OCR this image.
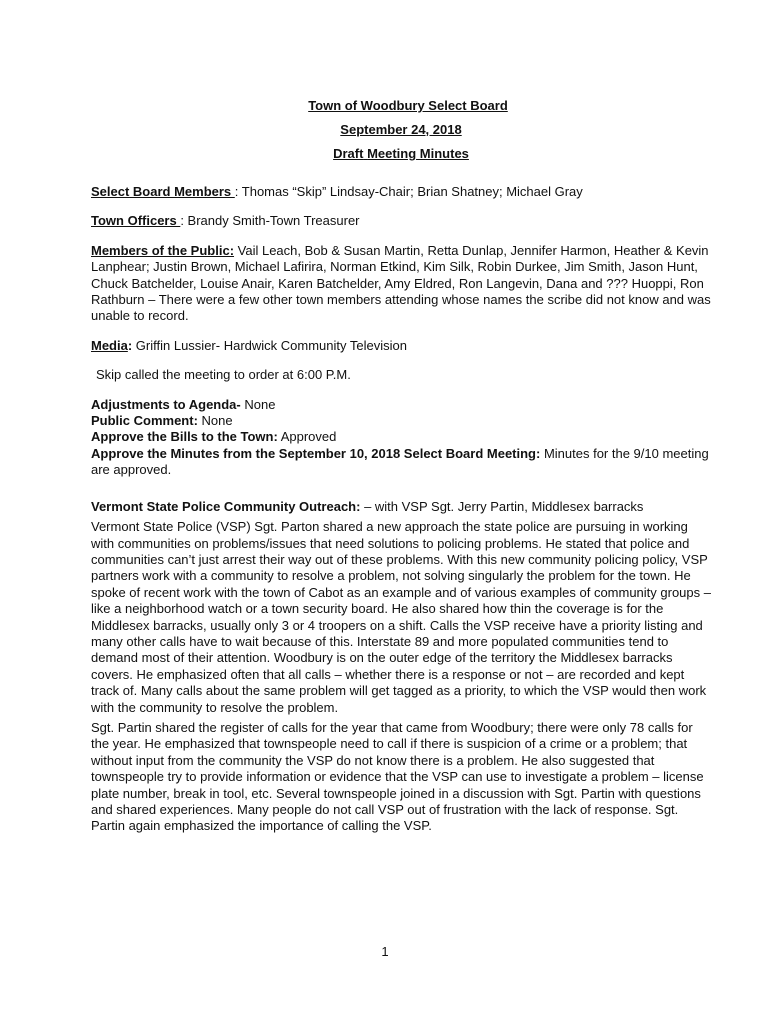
Town of Woodbury Select Board

September 24, 2018

Draft Meeting Minutes

Select Board Members : Thomas “Skip” Lindsay-Chair; Brian Shatney; Michael Gray

Town Officers : Brandy Smith-Town Treasurer

Members of the Public: Vail Leach, Bob & Susan Martin, Retta Dunlap, Jennifer Harmon, Heather & Kevin Lanphear; Justin Brown, Michael Lafirira, Norman Etkind, Kim Silk, Robin Durkee, Jim Smith, Jason Hunt, Chuck Batchelder, Louise Anair, Karen Batchelder, Amy Eldred, Ron Langevin, Dana and ??? Huoppi, Ron Rathburn – There were a few other town members attending whose names the scribe did not know and was unable to record.

Media: Griffin Lussier- Hardwick Community Television

Skip called the meeting to order at 6:00 P.M.

Adjustments to Agenda- None

Public Comment: None

Approve the Bills to the Town: Approved

Approve the Minutes from the September 10, 2018 Select Board Meeting: Minutes for the 9/10 meeting are approved.

Vermont State Police Community Outreach: – with VSP Sgt. Jerry Partin, Middlesex barracks

Vermont State Police (VSP) Sgt. Parton shared a new approach the state police are pursuing in working with communities on problems/issues that need solutions to policing problems. He stated that police and communities can’t just arrest their way out of these problems. With this new community policing policy, VSP partners work with a community to resolve a problem, not solving singularly the problem for the town. He spoke of recent work with the town of Cabot as an example and of various examples of community groups – like a neighborhood watch or a town security board. He also shared how thin the coverage is for the Middlesex barracks, usually only 3 or 4 troopers on a shift. Calls the VSP receive have a priority listing and many other calls have to wait because of this. Interstate 89 and more populated communities tend to demand most of their attention. Woodbury is on the outer edge of the territory the Middlesex barracks covers. He emphasized often that all calls – whether there is a response or not – are recorded and kept track of. Many calls about the same problem will get tagged as a priority, to which the VSP would then work with the community to resolve the problem.

Sgt. Partin shared the register of calls for the year that came from Woodbury; there were only 78 calls for the year. He emphasized that townspeople need to call if there is suspicion of a crime or a problem; that without input from the community the VSP do not know there is a problem. He also suggested that townspeople try to provide information or evidence that the VSP can use to investigate a problem – license plate number, break in tool, etc. Several townspeople joined in a discussion with Sgt. Partin with questions and shared experiences. Many people do not call VSP out of frustration with the lack of response. Sgt. Partin again emphasized the importance of calling the VSP.

1
